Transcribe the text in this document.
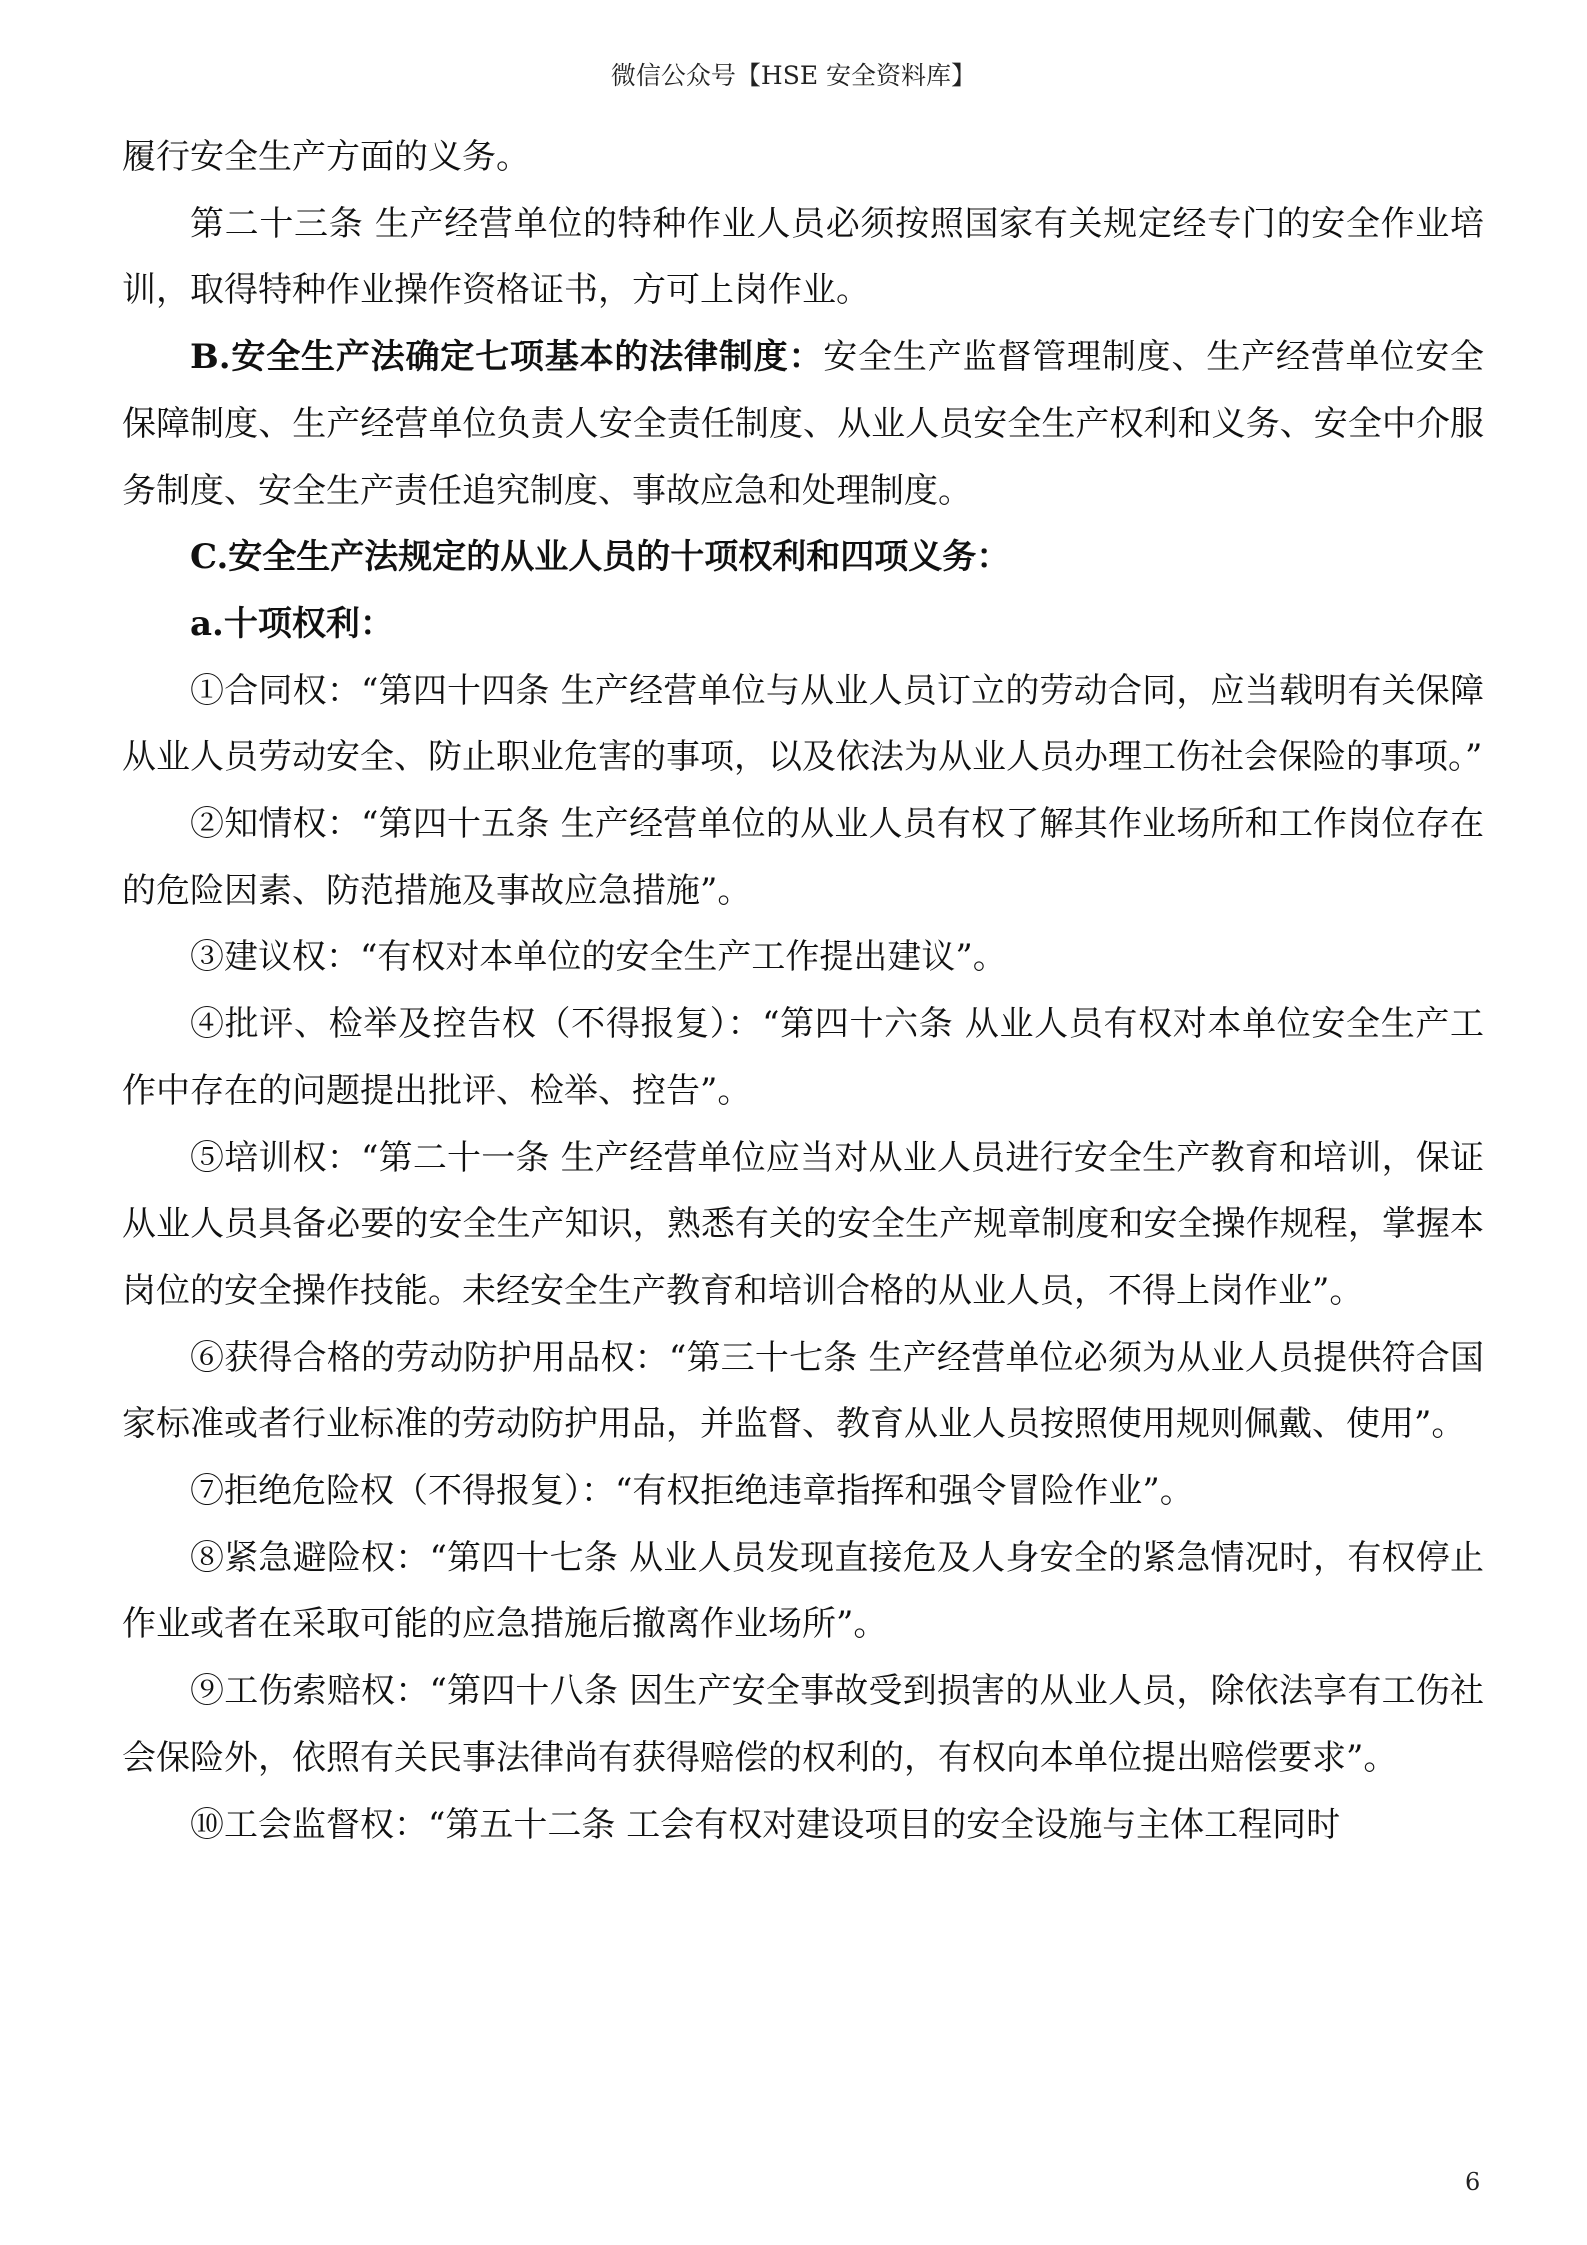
微信公众号【HSE 安全资料库】

履行安全生产方面的义务。

第二十三条 生产经营单位的特种作业人员必须按照国家有关规定经专门的安全作业培训，取得特种作业操作资格证书，方可上岗作业。

B.安全生产法确定七项基本的法律制度：安全生产监督管理制度、生产经营单位安全保障制度、生产经营单位负责人安全责任制度、从业人员安全生产权利和义务、安全中介服务制度、安全生产责任追究制度、事故应急和处理制度。

C.安全生产法规定的从业人员的十项权利和四项义务：

a.十项权利：

①合同权：“第四十四条 生产经营单位与从业人员订立的劳动合同，应当载明有关保障从业人员劳动安全、防止职业危害的事项，以及依法为从业人员办理工伤社会保险的事项。”

②知情权：“第四十五条 生产经营单位的从业人员有权了解其作业场所和工作岗位存在的危险因素、防范措施及事故应急措施”。

③建议权：“有权对本单位的安全生产工作提出建议”。

④批评、检举及控告权（不得报复）：“第四十六条 从业人员有权对本单位安全生产工作中存在的问题提出批评、检举、控告”。

⑤培训权：“第二十一条 生产经营单位应当对从业人员进行安全生产教育和培训，保证从业人员具备必要的安全生产知识，熟悉有关的安全生产规章制度和安全操作规程，掌握本岗位的安全操作技能。未经安全生产教育和培训合格的从业人员，不得上岗作业”。

⑥获得合格的劳动防护用品权：“第三十七条 生产经营单位必须为从业人员提供符合国家标准或者行业标准的劳动防护用品，并监督、教育从业人员按照使用规则佩戴、使用”。

⑦拒绝危险权（不得报复）：“有权拒绝违章指挥和强令冒险作业”。

⑧紧急避险权：“第四十七条 从业人员发现直接危及人身安全的紧急情况时，有权停止作业或者在采取可能的应急措施后撤离作业场所”。

⑨工伤索赔权：“第四十八条 因生产安全事故受到损害的从业人员，除依法享有工伤社会保险外，依照有关民事法律尚有获得赔偿的权利的，有权向本单位提出赔偿要求”。

⑩工会监督权：“第五十二条 工会有权对建设项目的安全设施与主体工程同时

6
